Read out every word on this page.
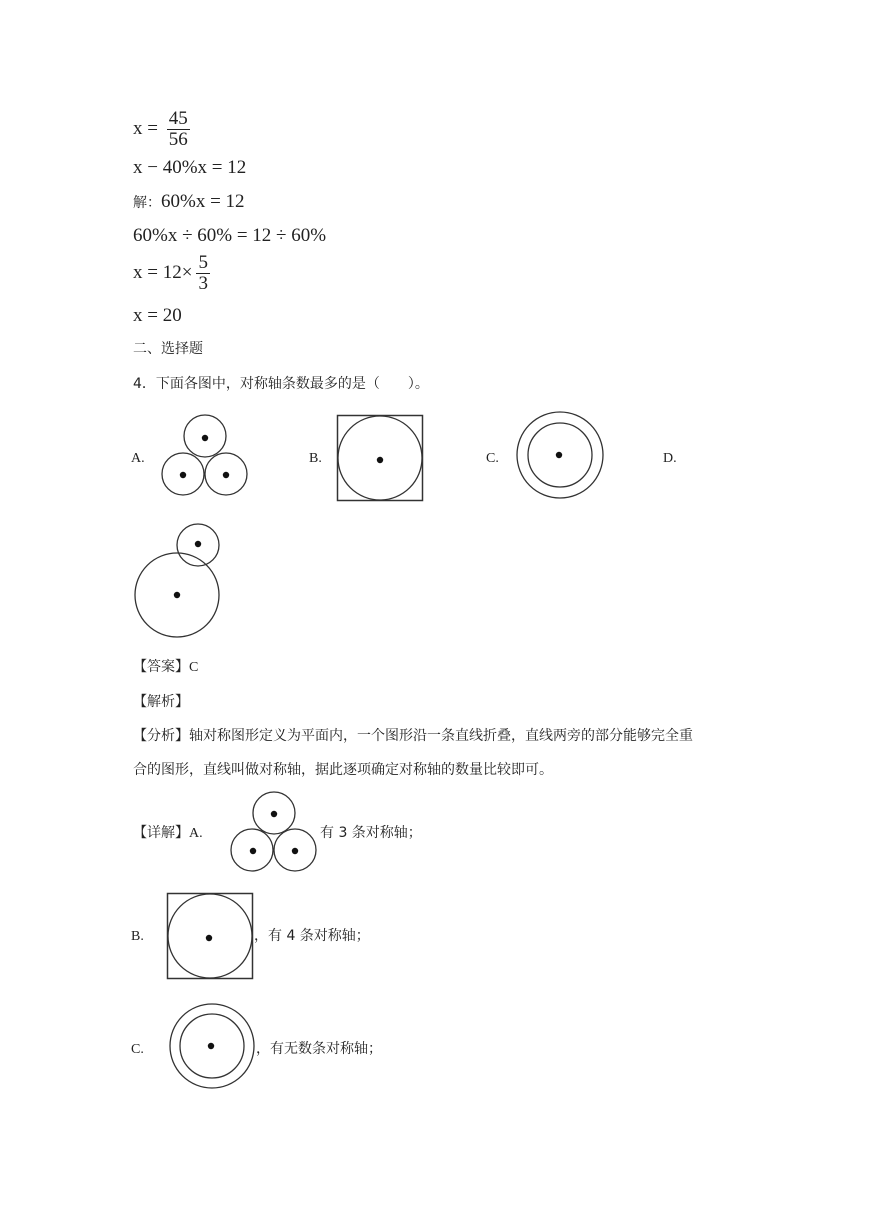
$x = \frac{45}{56}$
x − 40%x = 12
解：60%x = 12
60%x ÷ 60% = 12 ÷ 60%
$x = 12\times \frac{5}{3}$
x = 20
二、选择题
4．下面各图中，对称轴条数最多的是（　　）。
A.	B.	C.	D.
【答案】C
【解析】
【分析】轴对称图形定义为平面内，一个图形沿一条直线折叠，直线两旁的部分能够完全重
合的图形，直线叫做对称轴，据此逐项确定对称轴的数量比较即可。
【详解】A.	有 3 条对称轴；
B.	，有 4 条对称轴；
C.	，有无数条对称轴；
